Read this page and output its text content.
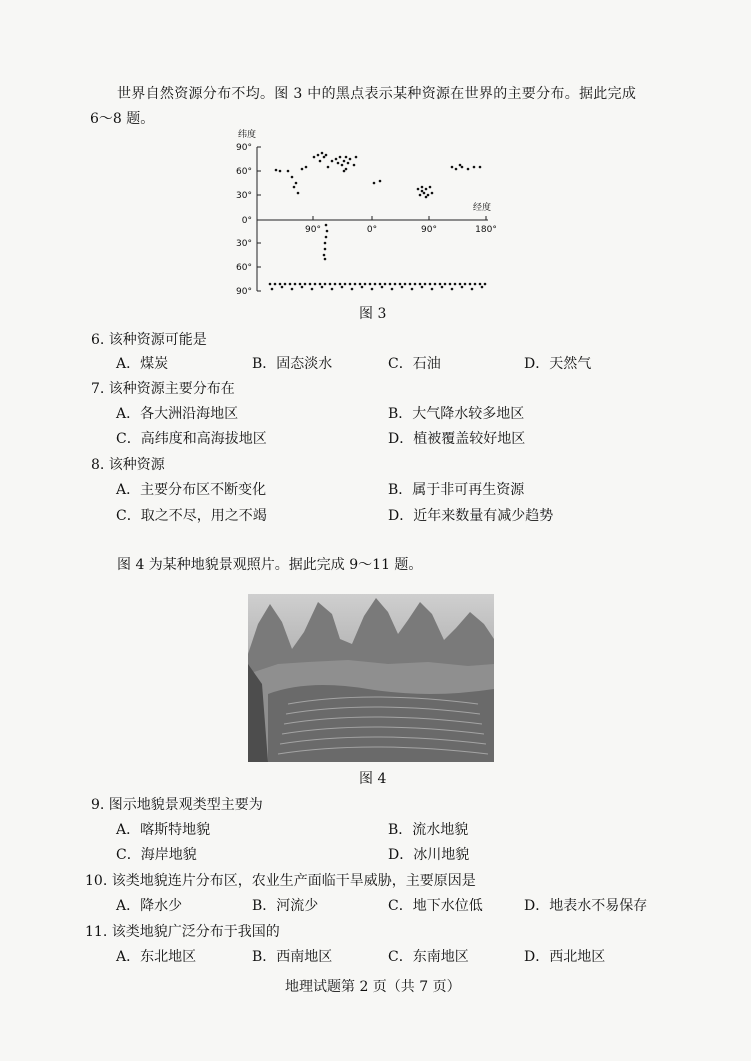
世界自然资源分布不均。图 3 中的黑点表示某种资源在世界的主要分布。据此完成
6～8 题。
纬度
经度
90°
60°
30°
0°
30°
60°
90°
90°	0°	90°	180°
图 3
6. 该种资源可能是
A．煤炭	B．固态淡水	C．石油	D．天然气
7. 该种资源主要分布在
A．各大洲沿海地区	B．大气降水较多地区
C．高纬度和高海拔地区	D．植被覆盖较好地区
8. 该种资源
A．主要分布区不断变化	B．属于非可再生资源
C．取之不尽，用之不竭	D．近年来数量有减少趋势
图 4 为某种地貌景观照片。据此完成 9～11 题。
图 4
9. 图示地貌景观类型主要为
A．喀斯特地貌	B．流水地貌
C．海岸地貌	D．冰川地貌
10. 该类地貌连片分布区，农业生产面临干旱威胁，主要原因是
A．降水少	B．河流少	C．地下水位低	D．地表水不易保存
11. 该类地貌广泛分布于我国的
A．东北地区	B．西南地区	C．东南地区	D．西北地区
地理试题第 2 页（共 7 页）
